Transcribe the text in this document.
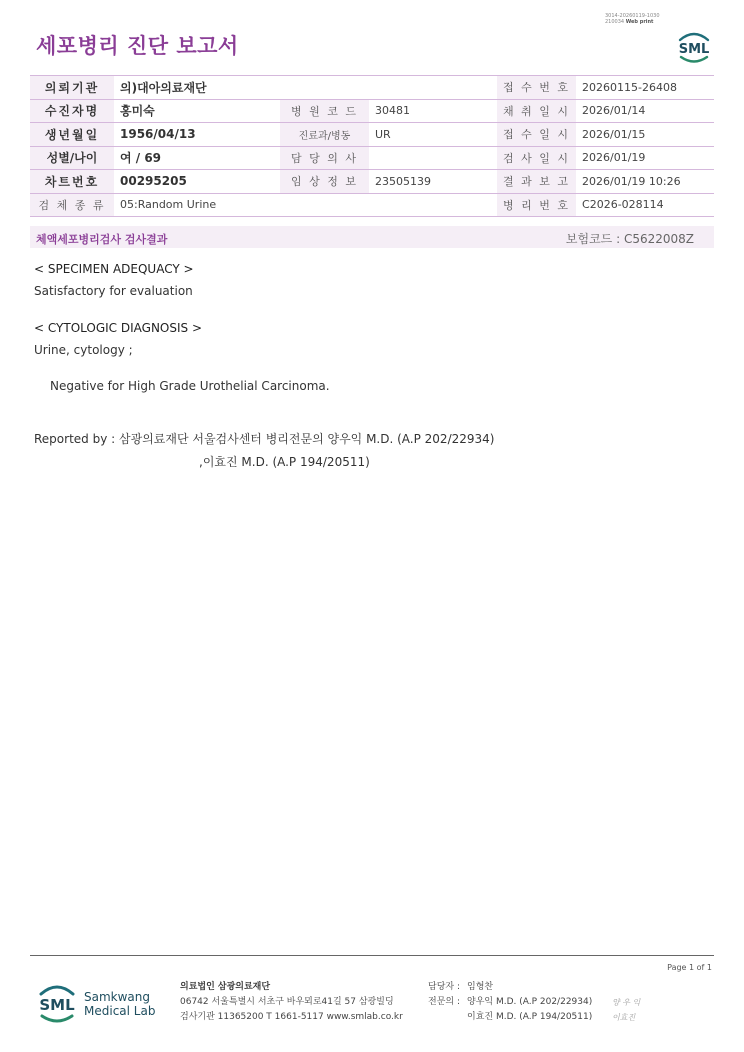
세포병리 진단 보고서
3014-20260119-1030
210034 Web print
SML
의뢰기관	의)대아의료재단			접 수 번 호	20260115-26408
수진자명	홍미숙	병 원 코 드	30481	채 취 일 시	2026/01/14
생년월일	1956/04/13	진료과/병동	UR	접 수 일 시	2026/01/15
성별/나이	여 / 69	담 당 의 사		검 사 일 시	2026/01/19
차트번호	00295205	임 상 정 보	23505139	결 과 보 고	2026/01/19 10:26
검 체 종 류	05:Random Urine			병 리 번 호	C2026-028114
체액세포병리검사 검사결과	보험코드 : C5622008Z

< SPECIMEN ADEQUACY >

Satisfactory for evaluation

< CYTOLOGIC DIAGNOSIS >

Urine, cytology ;

Negative for High Grade Urothelial Carcinoma.

Reported by : 삼광의료재단 서울검사센터 병리전문의 양우익 M.D. (A.P 202/22934)

,이효진 M.D. (A.P 194/20511)

Page 1 of 1
SML Samkwang
Medical Lab
의료법인 삼광의료재단
06742 서울특별시 서초구 바우뫼로41길 57 삼광빌딩
검사기관 11365200 T 1661-5117 www.smlab.co.kr
담당자 : 임형찬
전문의 : 양우익 M.D. (A.P 202/22934)
이효진 M.D. (A.P 194/20511)
양 우 익
이효진
